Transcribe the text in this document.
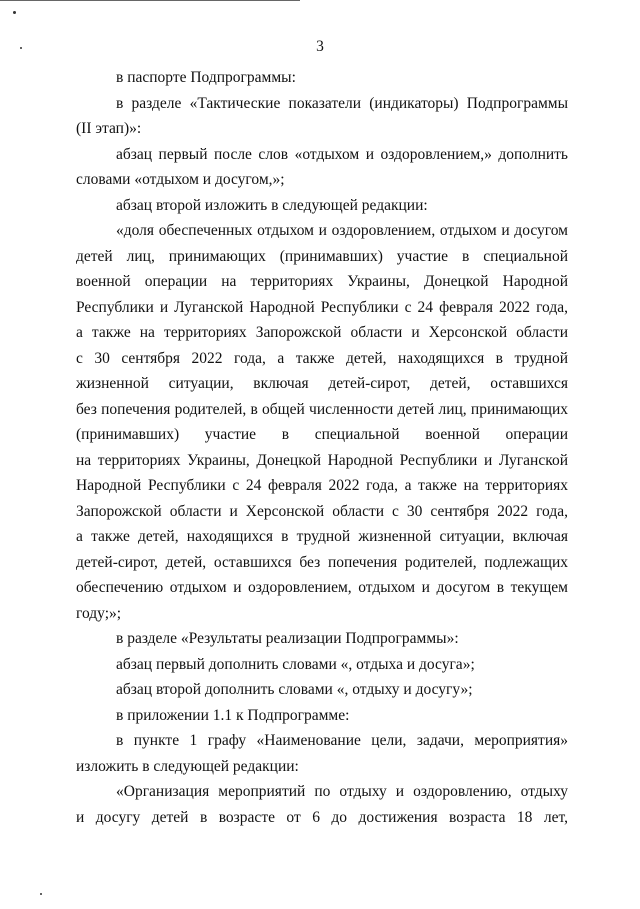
3
в паспорте Подпрограммы:
в разделе «Тактические показатели (индикаторы) Подпрограммы
(II этап)»:
абзац первый после слов «отдыхом и оздоровлением,» дополнить
словами «отдыхом и досугом,»;
абзац второй изложить в следующей редакции:
«доля обеспеченных отдыхом и оздоровлением, отдыхом и досугом
детей лиц, принимающих (принимавших) участие в специальной
военной операции на территориях Украины, Донецкой Народной
Республики и Луганской Народной Республики с 24 февраля 2022 года,
а также на территориях Запорожской области и Херсонской области
с 30 сентября 2022 года, а также детей, находящихся в трудной
жизненной ситуации, включая детей-сирот, детей, оставшихся
без попечения родителей, в общей численности детей лиц, принимающих
(принимавших) участие в специальной военной операции
на территориях Украины, Донецкой Народной Республики и Луганской
Народной Республики с 24 февраля 2022 года, а также на территориях
Запорожской области и Херсонской области с 30 сентября 2022 года,
а также детей, находящихся в трудной жизненной ситуации, включая
детей-сирот, детей, оставшихся без попечения родителей, подлежащих
обеспечению отдыхом и оздоровлением, отдыхом и досугом в текущем
году;»;
в разделе «Результаты реализации Подпрограммы»:
абзац первый дополнить словами «, отдыха и досуга»;
абзац второй дополнить словами «, отдыху и досугу»;
в приложении 1.1 к Подпрограмме:
в пункте 1 графу «Наименование цели, задачи, мероприятия»
изложить в следующей редакции:
«Организация мероприятий по отдыху и оздоровлению, отдыху
и досугу детей в возрасте от 6 до достижения возраста 18 лет,
